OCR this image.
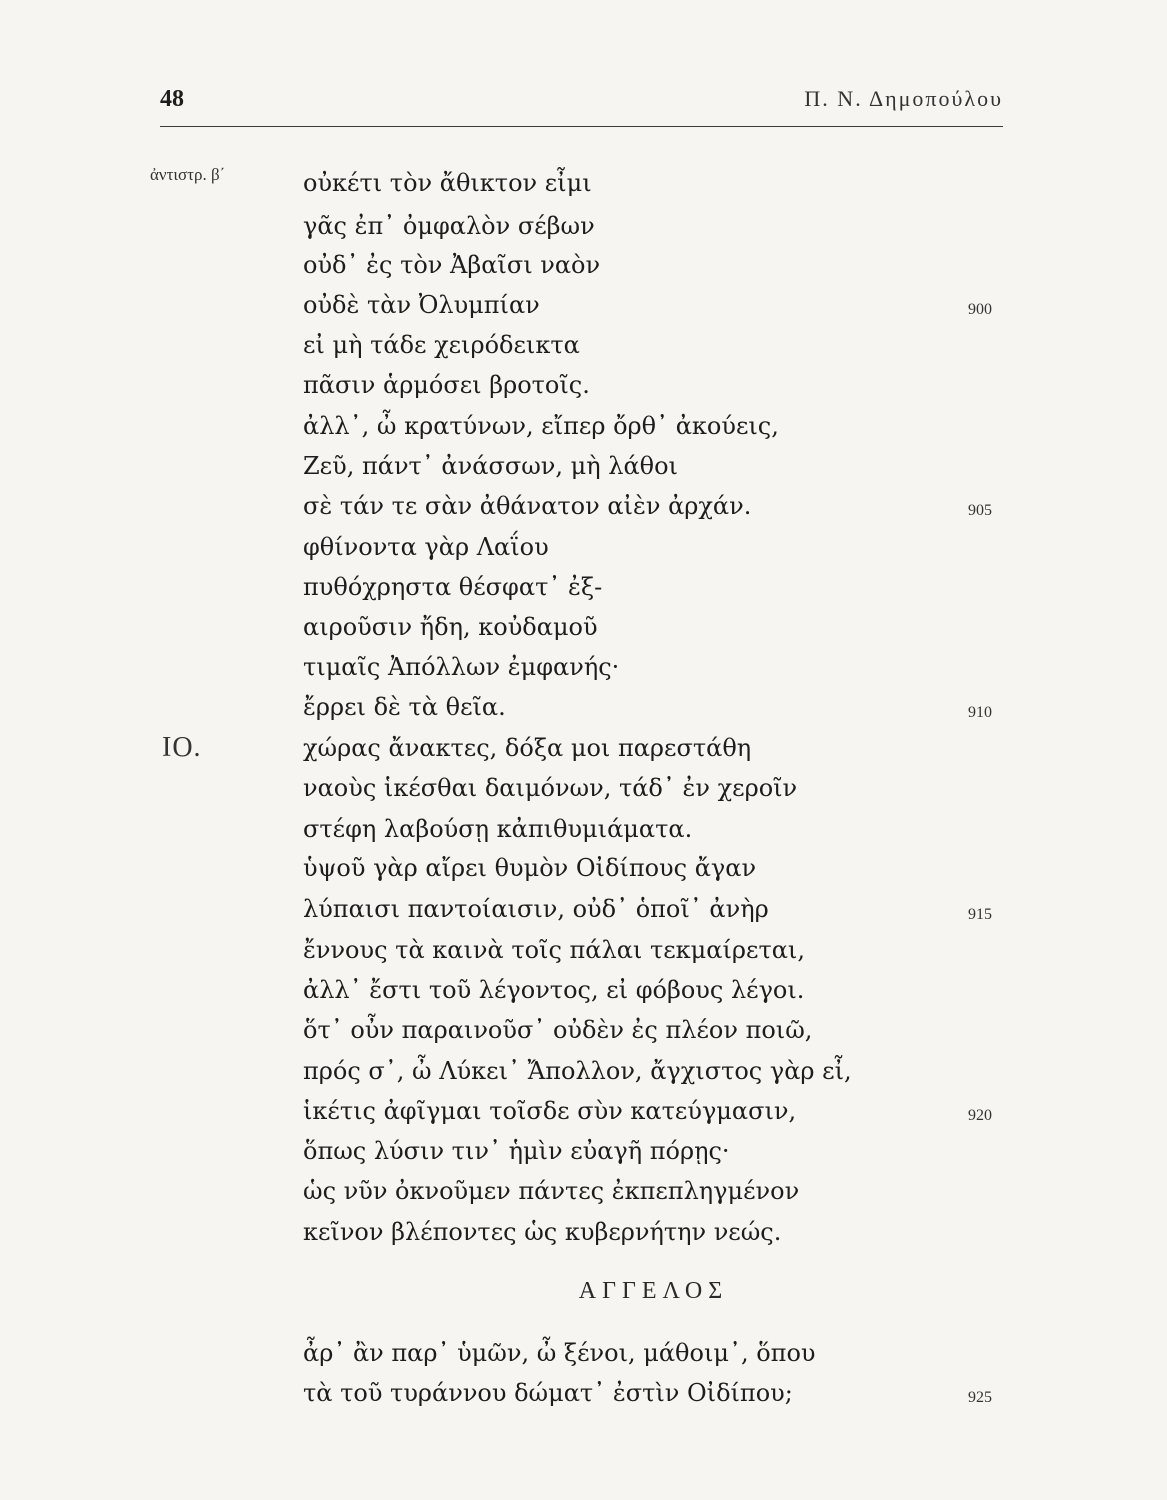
48	Π. Ν. Δημοπούλου
ἀντιστρ. β΄
ΙΟ.
οὐκέτι τὸν ἄθικτον εἶμι
γᾶς ἐπ᾽ ὀμφαλὸν σέβων
οὐδ᾽ ἐς τὸν Ἀβαῖσι ναὸν
οὐδὲ τὰν Ὀλυμπίαν
εἰ μὴ τάδε χειρόδεικτα
πᾶσιν ἁρμόσει βροτοῖς.
ἀλλ᾽, ὦ κρατύνων, εἴπερ ὄρθ᾽ ἀκούεις,
Ζεῦ, πάντ᾽ ἀνάσσων, μὴ λάθοι
σὲ τάν τε σὰν ἀθάνατον αἰὲν ἀρχάν.
φθίνοντα γὰρ Λαΐου
πυθόχρηστα θέσφατ᾽ ἐξ-
αιροῦσιν ἤδη, κοὐδαμοῦ
τιμαῖς Ἀπόλλων ἐμφανής·
ἔρρει δὲ τὰ θεῖα.
χώρας ἄνακτες, δόξα μοι παρεστάθη
ναοὺς ἱκέσθαι δαιμόνων, τάδ᾽ ἐν χεροῖν
στέφη λαβούσῃ κἀπιθυμιάματα.
ὑψοῦ γὰρ αἴρει θυμὸν Οἰδίπους ἄγαν
λύπαισι παντοίαισιν, οὐδ᾽ ὁποῖ᾽ ἀνὴρ
ἔννους τὰ καινὰ τοῖς πάλαι τεκμαίρεται,
ἀλλ᾽ ἔστι τοῦ λέγοντος, εἰ φόβους λέγοι.
ὅτ᾽ οὖν παραινοῦσ᾽ οὐδὲν ἐς πλέον ποιῶ,
πρός σ᾽, ὦ Λύκει᾽ Ἄπολλον, ἄγχιστος γὰρ εἶ,
ἱκέτις ἀφῖγμαι τοῖσδε σὺν κατεύγμασιν,
ὅπως λύσιν τιν᾽ ἡμὶν εὐαγῆ πόρῃς·
ὡς νῦν ὀκνοῦμεν πάντες ἐκπεπληγμένον
κεῖνον βλέποντες ὡς κυβερνήτην νεώς.
ΑΓΓΕΛΟΣ
ἆρ᾽ ἂν παρ᾽ ὑμῶν, ὦ ξένοι, μάθοιμ᾽, ὅπου
τὰ τοῦ τυράννου δώματ᾽ ἐστὶν Οἰδίπου;
900
905
910
915
920
925
